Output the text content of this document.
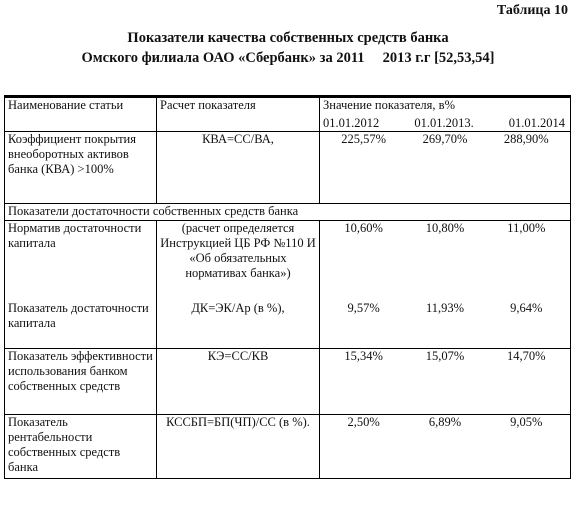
Таблица 10
Показатели качества собственных средств банка
Омского филиала ОАО «Сбербанк» за 2011     2013 г.г [52,53,54]
Наименование статьи	Расчет показателя	Значение показателя, в%
01.01.2012 01.01.2013. 01.01.2014

Коэффициент покрытия внеоборотных активов банка (КВА) >100%	КВА=СС/ВА,	225,57% 269,70% 288,90%

Показатели достаточности собственных средств банка		
Норматив достаточности капитала	(расчет определяется Инструкцией ЦБ РФ №110 И «Об обязательных нормативах банка»)	10,60% 10,80% 11,00%

Показатель достаточности капитала	ДК=ЭК/Ар (в %),	9,57% 11,93% 9,64%

Показатель эффективности использования банком собственных средств	КЭ=СС/КВ	15,34% 15,07% 14,70%

Показатель рентабельности собственных средств банка	КССБП=БП(ЧП)/СС (в %).	2,50% 6,89% 9,05%
